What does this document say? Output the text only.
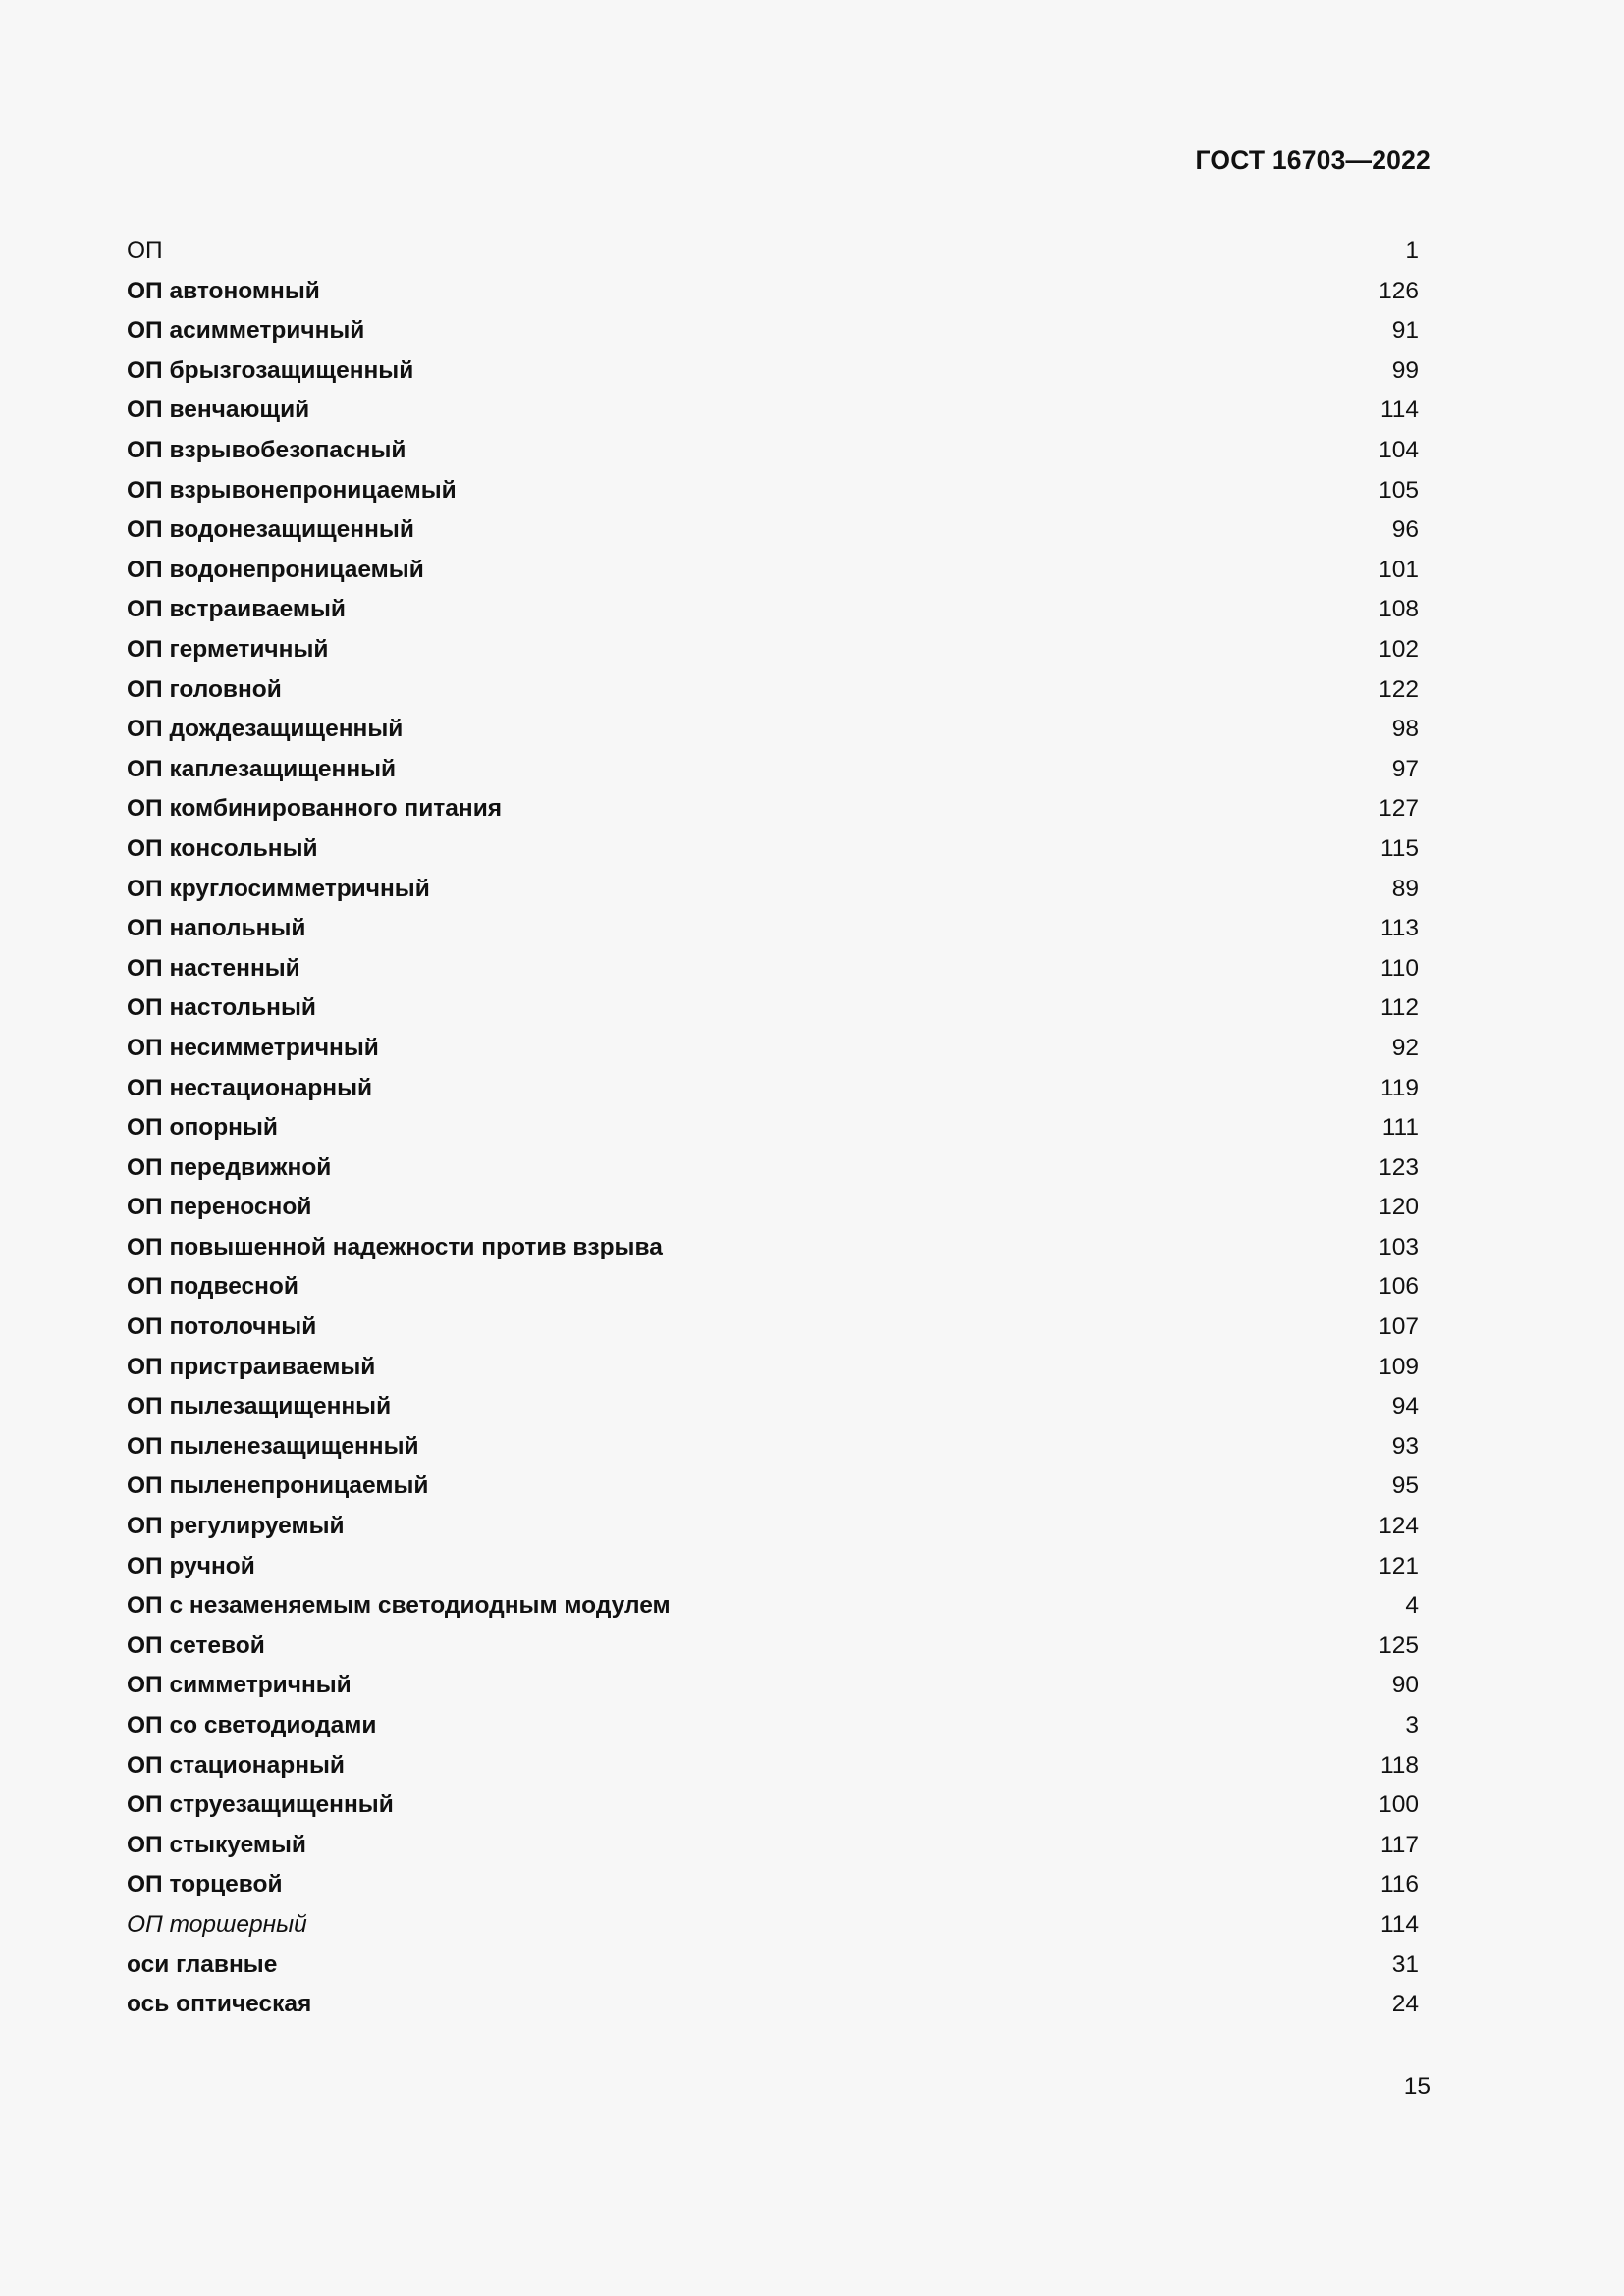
ГОСТ 16703—2022
ОП	1
ОП автономный	126
ОП асимметричный	91
ОП брызгозащищенный	99
ОП венчающий	114
ОП взрывобезопасный	104
ОП взрывонепроницаемый	105
ОП водонезащищенный	96
ОП водонепроницаемый	101
ОП встраиваемый	108
ОП герметичный	102
ОП головной	122
ОП дождезащищенный	98
ОП каплезащищенный	97
ОП комбинированного питания	127
ОП консольный	115
ОП круглосимметричный	89
ОП напольный	113
ОП настенный	110
ОП настольный	112
ОП несимметричный	92
ОП нестационарный	119
ОП опорный	111
ОП передвижной	123
ОП переносной	120
ОП повышенной надежности против взрыва	103
ОП подвесной	106
ОП потолочный	107
ОП пристраиваемый	109
ОП пылезащищенный	94
ОП пыленезащищенный	93
ОП пыленепроницаемый	95
ОП регулируемый	124
ОП ручной	121
ОП с незаменяемым светодиодным модулем	4
ОП сетевой	125
ОП симметричный	90
ОП со светодиодами	3
ОП стационарный	118
ОП струезащищенный	100
ОП стыкуемый	117
ОП торцевой	116
ОП торшерный	114
оси главные	31
ось оптическая	24
15
